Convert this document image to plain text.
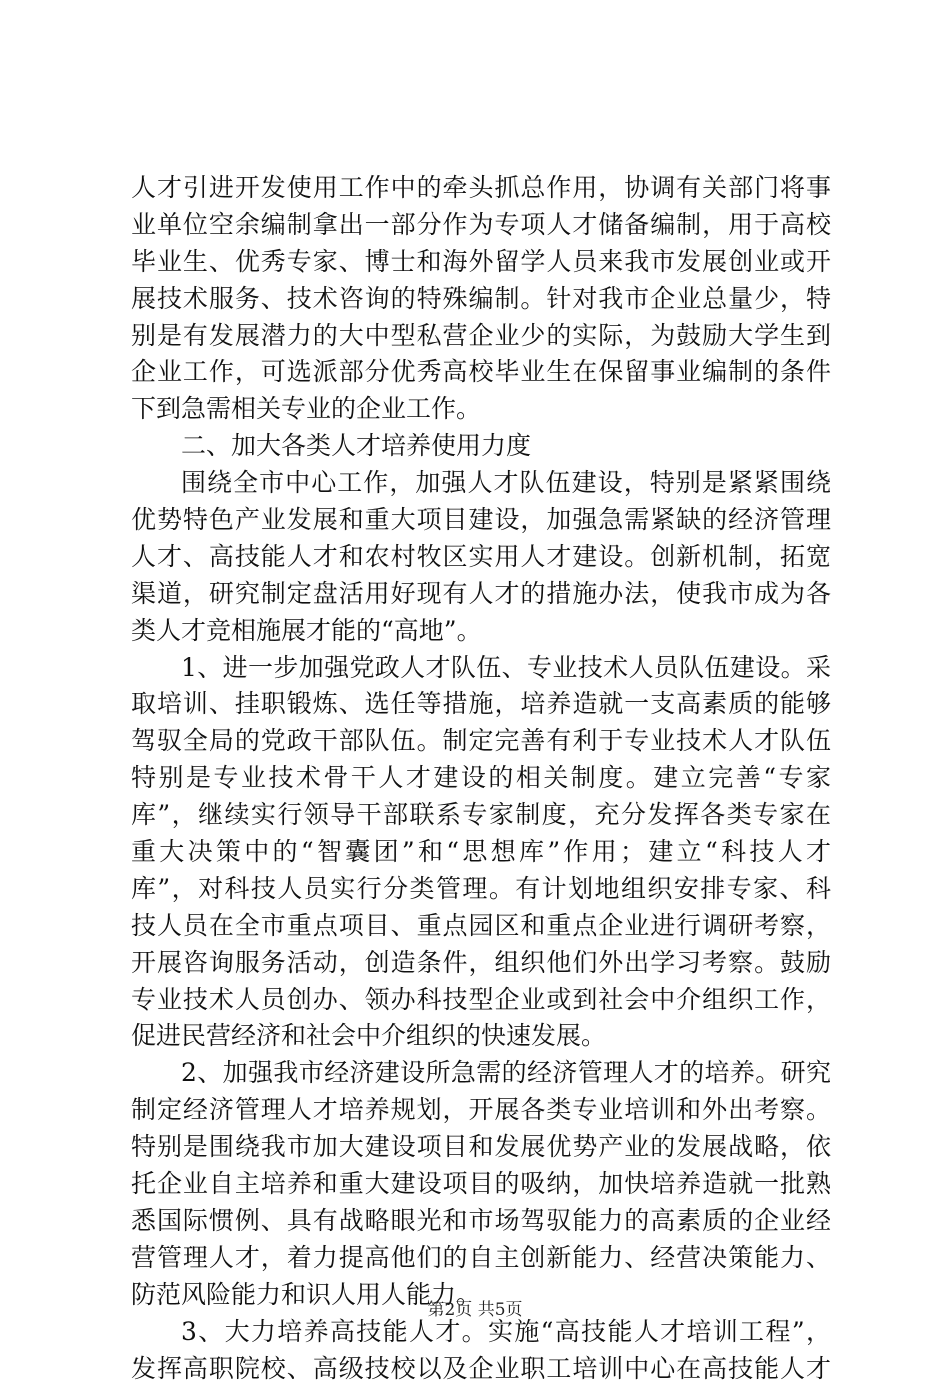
人才引进开发使用工作中的牵头抓总作用，协调有关部门将事
业单位空余编制拿出一部分作为专项人才储备编制，用于高校
毕业生、优秀专家、博士和海外留学人员来我市发展创业或开
展技术服务、技术咨询的特殊编制。针对我市企业总量少，特
别是有发展潜力的大中型私营企业少的实际，为鼓励大学生到
企业工作，可选派部分优秀高校毕业生在保留事业编制的条件
下到急需相关专业的企业工作。
二、加大各类人才培养使用力度
围绕全市中心工作，加强人才队伍建设，特别是紧紧围绕
优势特色产业发展和重大项目建设，加强急需紧缺的经济管理
人才、高技能人才和农村牧区实用人才建设。创新机制，拓宽
渠道，研究制定盘活用好现有人才的措施办法，使我市成为各
类人才竞相施展才能的“高地”。
1、进一步加强党政人才队伍、专业技术人员队伍建设。采
取培训、挂职锻炼、选任等措施，培养造就一支高素质的能够
驾驭全局的党政干部队伍。制定完善有利于专业技术人才队伍
特别是专业技术骨干人才建设的相关制度。建立完善“专家
库”，继续实行领导干部联系专家制度，充分发挥各类专家在
重大决策中的“智囊团”和“思想库”作用；建立“科技人才
库”，对科技人员实行分类管理。有计划地组织安排专家、科
技人员在全市重点项目、重点园区和重点企业进行调研考察，
开展咨询服务活动，创造条件，组织他们外出学习考察。鼓励
专业技术人员创办、领办科技型企业或到社会中介组织工作，
促进民营经济和社会中介组织的快速发展。
2、加强我市经济建设所急需的经济管理人才的培养。研究
制定经济管理人才培养规划，开展各类专业培训和外出考察。
特别是围绕我市加大建设项目和发展优势产业的发展战略，依
托企业自主培养和重大建设项目的吸纳，加快培养造就一批熟
悉国际惯例、具有战略眼光和市场驾驭能力的高素质的企业经
营管理人才，着力提高他们的自主创新能力、经营决策能力、
防范风险能力和识人用人能力。
3、大力培养高技能人才。实施“高技能人才培训工程”，
发挥高职院校、高级技校以及企业职工培训中心在高技能人才
第2页 共5页
